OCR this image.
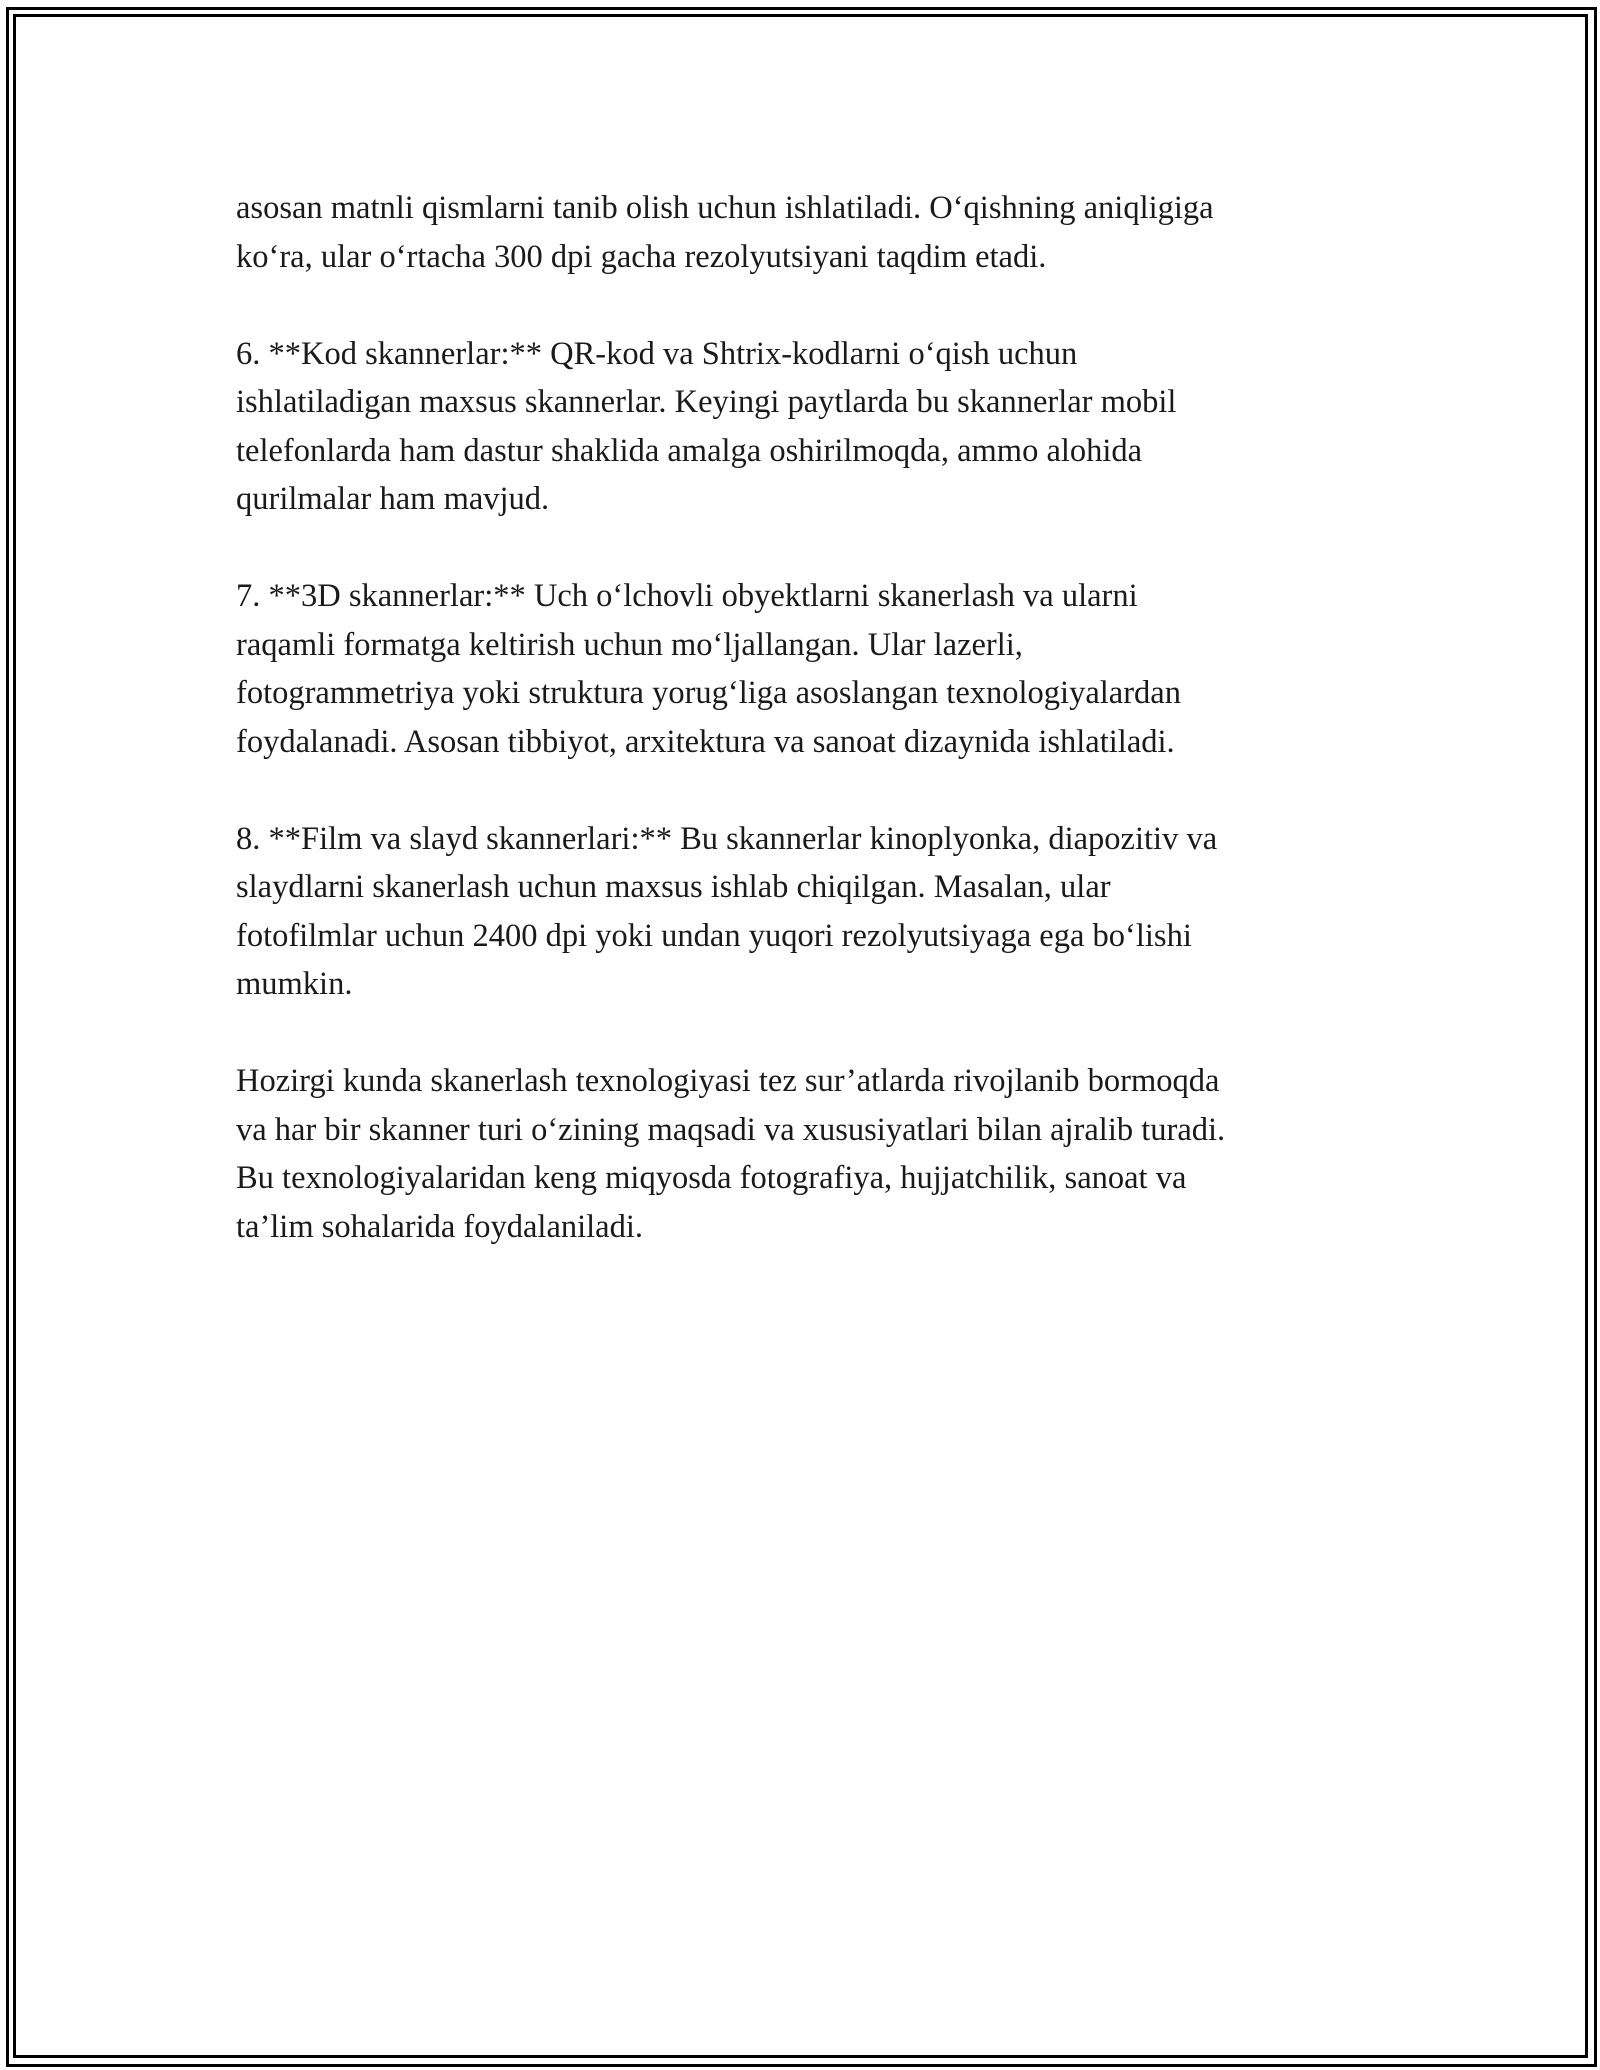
asosan matnli qismlarni tanib olish uchun ishlatiladi. O‘qishning aniqligiga
ko‘ra, ular o‘rtacha 300 dpi gacha rezolyutsiyani taqdim etadi.

6. **Kod skannerlar:** QR-kod va Shtrix-kodlarni o‘qish uchun
ishlatiladigan maxsus skannerlar. Keyingi paytlarda bu skannerlar mobil
telefonlarda ham dastur shaklida amalga oshirilmoqda, ammo alohida
qurilmalar ham mavjud.

7. **3D skannerlar:** Uch o‘lchovli obyektlarni skanerlash va ularni
raqamli formatga keltirish uchun mo‘ljallangan. Ular lazerli,
fotogrammetriya yoki struktura yorug‘liga asoslangan texnologiyalardan
foydalanadi. Asosan tibbiyot, arxitektura va sanoat dizaynida ishlatiladi.

8. **Film va slayd skannerlari:** Bu skannerlar kinoplyonka, diapozitiv va
slaydlarni skanerlash uchun maxsus ishlab chiqilgan. Masalan, ular
fotofilmlar uchun 2400 dpi yoki undan yuqori rezolyutsiyaga ega bo‘lishi
mumkin.

Hozirgi kunda skanerlash texnologiyasi tez sur’atlarda rivojlanib bormoqda
va har bir skanner turi o‘zining maqsadi va xususiyatlari bilan ajralib turadi.
Bu texnologiyalaridan keng miqyosda fotografiya, hujjatchilik, sanoat va
ta’lim sohalarida foydalaniladi.
